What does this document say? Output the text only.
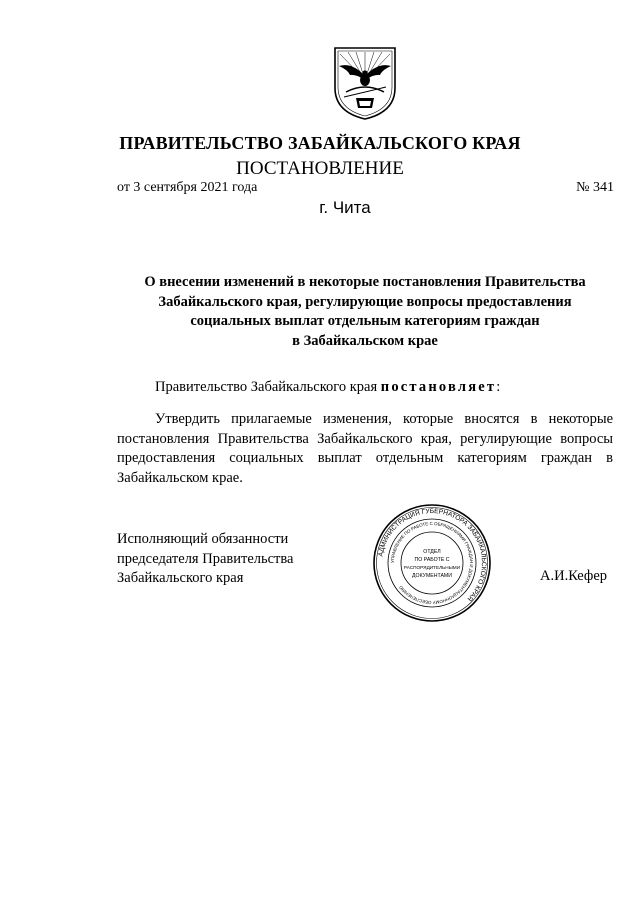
ПРАВИТЕЛЬСТВО ЗАБАЙКАЛЬСКОГО КРАЯ
ПОСТАНОВЛЕНИЕ
от 3 сентября 2021 года	№ 341
г. Чита
О внесении изменений в некоторые постановления Правительства
Забайкальского края, регулирующие вопросы предоставления
социальных выплат отдельным категориям граждан
в Забайкальском крае
Правительство Забайкальского края постановляет:
Утвердить прилагаемые изменения, которые вносятся в некоторые постановления Правительства Забайкальского края, регулирующие вопросы предоставления социальных выплат отдельным категориям граждан в Забайкальском крае.
Исполняющий обязанности
председателя Правительства
Забайкальского края
АДМИНИСТРАЦИЯ ГУБЕРНАТОРА ЗАБАЙКАЛЬСКОГО КРАЯ
УПРАВЛЕНИЕ ПО РАБОТЕ С ОБРАЩЕНИЯМИ ГРАЖДАН И ДОКУМЕНТАЦИОННОМУ ОБЕСПЕЧЕНИЮ
ОТДЕЛ
ПО РАБОТЕ С
РАСПОРЯДИТЕЛЬНЫМИ
ДОКУМЕНТАМИ	А.И.Кефер
